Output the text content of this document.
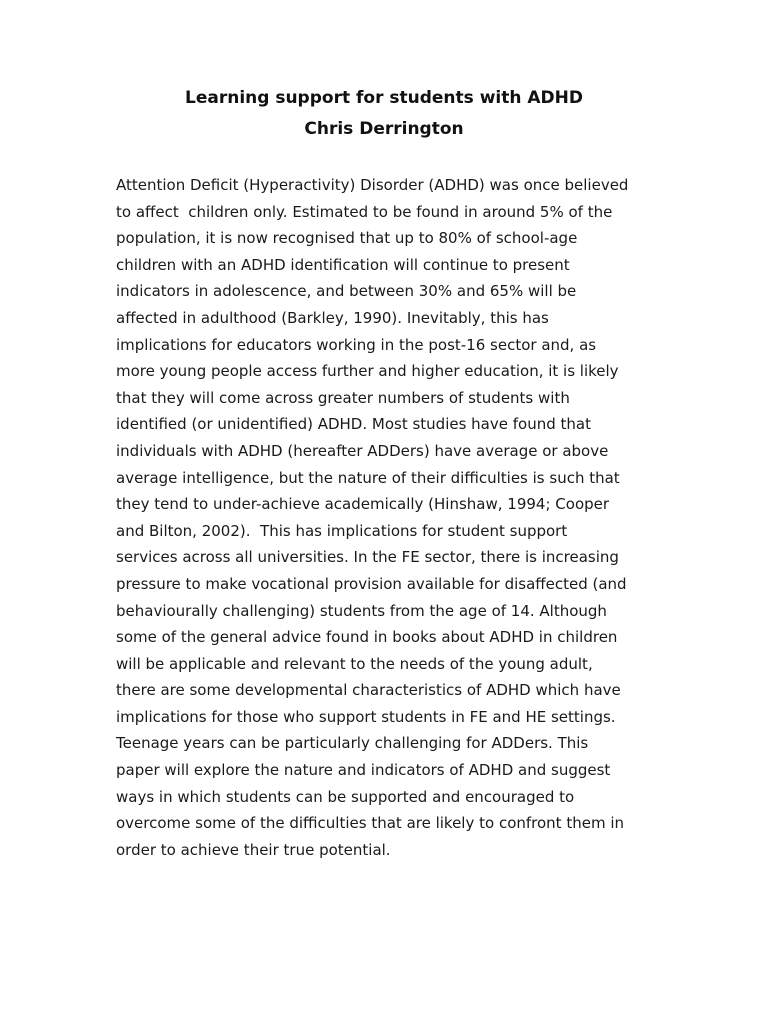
Learning support for students with ADHD
Chris Derrington
Attention Deficit (Hyperactivity) Disorder (ADHD) was once believed
to affect  children only. Estimated to be found in around 5% of the
population, it is now recognised that up to 80% of school-age
children with an ADHD identification will continue to present
indicators in adolescence, and between 30% and 65% will be
affected in adulthood (Barkley, 1990). Inevitably, this has
implications for educators working in the post-16 sector and, as
more young people access further and higher education, it is likely
that they will come across greater numbers of students with
identified (or unidentified) ADHD. Most studies have found that
individuals with ADHD (hereafter ADDers) have average or above
average intelligence, but the nature of their difficulties is such that
they tend to under-achieve academically (Hinshaw, 1994; Cooper
and Bilton, 2002).  This has implications for student support
services across all universities. In the FE sector, there is increasing
pressure to make vocational provision available for disaffected (and
behaviourally challenging) students from the age of 14. Although
some of the general advice found in books about ADHD in children
will be applicable and relevant to the needs of the young adult,
there are some developmental characteristics of ADHD which have
implications for those who support students in FE and HE settings.
Teenage years can be particularly challenging for ADDers. This
paper will explore the nature and indicators of ADHD and suggest
ways in which students can be supported and encouraged to
overcome some of the difficulties that are likely to confront them in
order to achieve their true potential.
